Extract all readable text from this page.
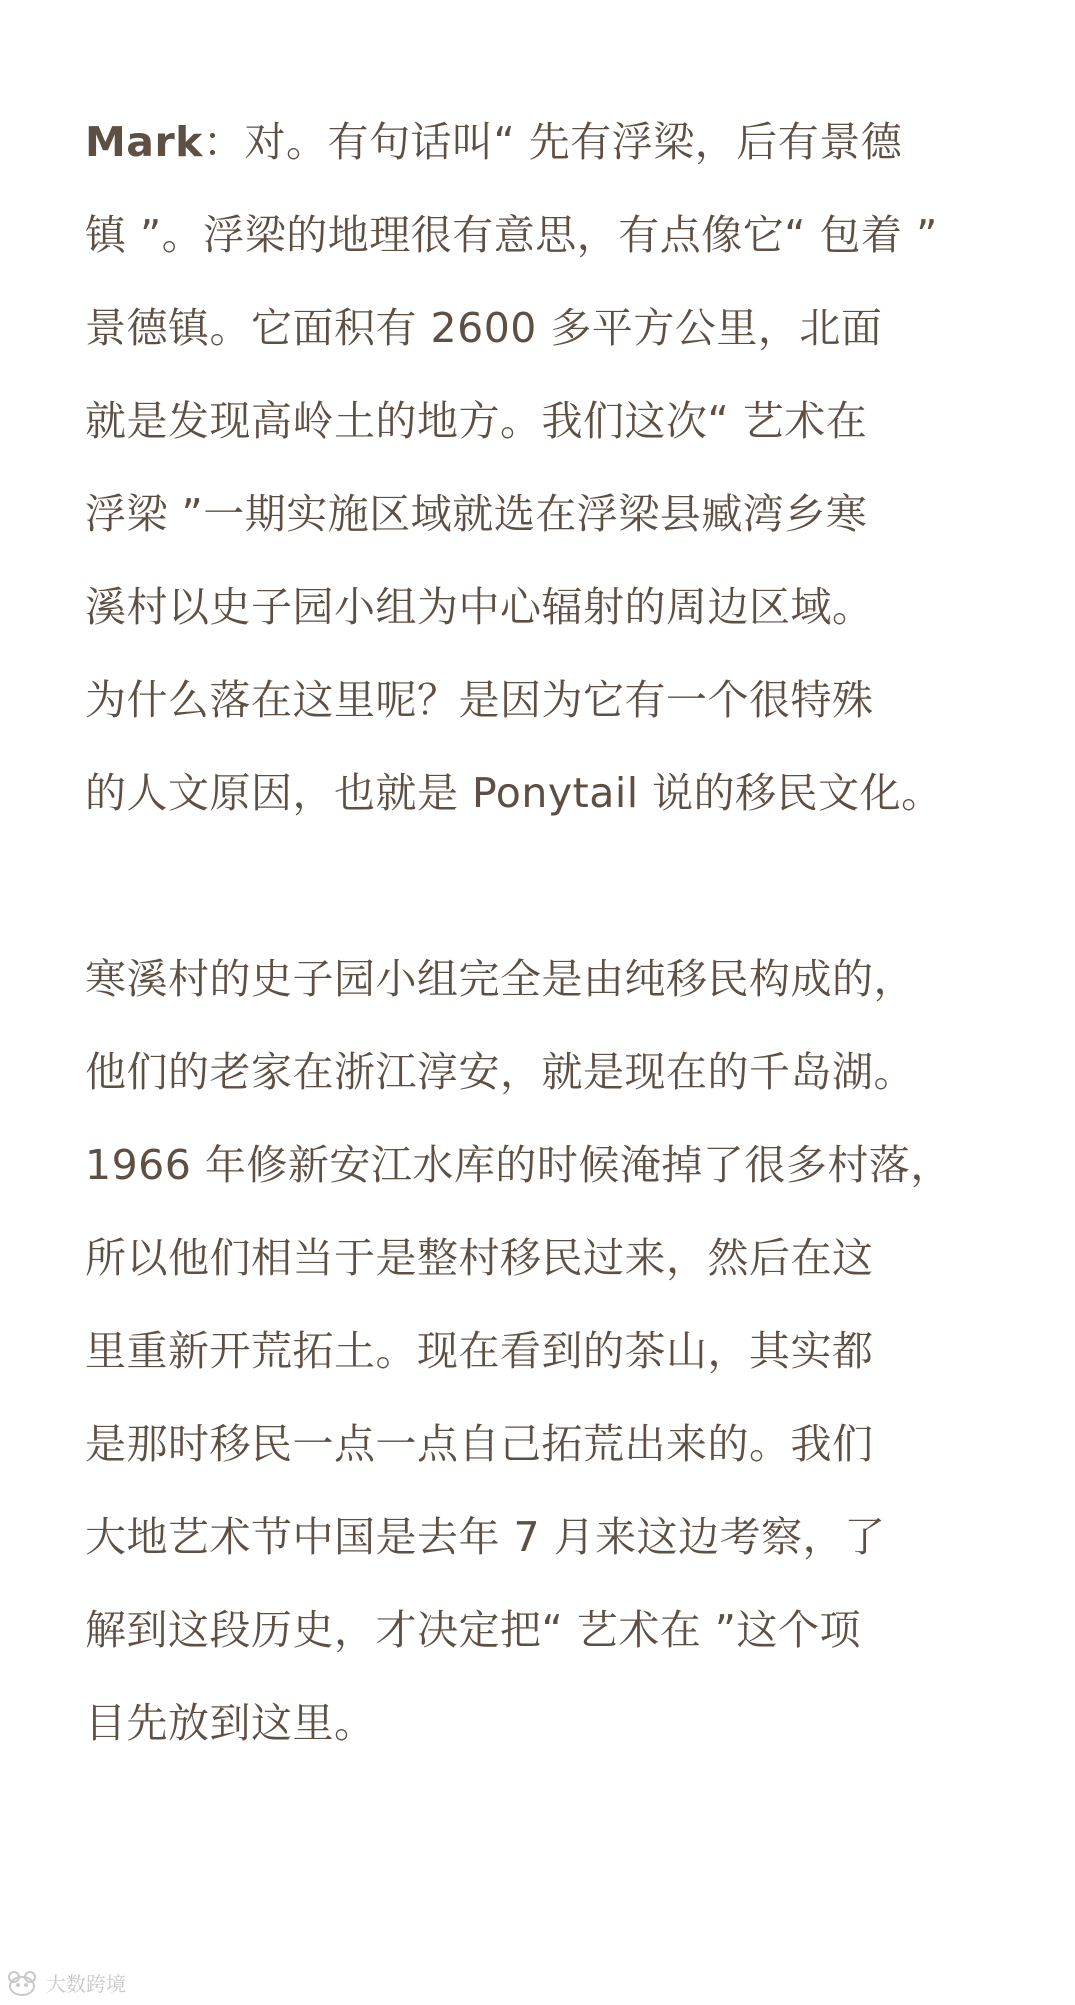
Mark：对。有句话叫“ 先有浮梁，后有景德
镇 ”。浮梁的地理很有意思，有点像它“ 包着 ”
景德镇。它面积有 2600 多平方公里，北面
就是发现高岭土的地方。我们这次“ 艺术在
浮梁 ”一期实施区域就选在浮梁县臧湾乡寒
溪村以史子园小组为中心辐射的周边区域。
为什么落在这里呢？是因为它有一个很特殊
的人文原因，也就是 Ponytail 说的移民文化。

寒溪村的史子园小组完全是由纯移民构成的，
他们的老家在浙江淳安，就是现在的千岛湖。
1966 年修新安江水库的时候淹掉了很多村落，
所以他们相当于是整村移民过来，然后在这
里重新开荒拓土。现在看到的茶山，其实都
是那时移民一点一点自己拓荒出来的。我们
大地艺术节中国是去年 7 月来这边考察，了
解到这段历史，才决定把“ 艺术在 ”这个项
目先放到这里。

大数跨境
